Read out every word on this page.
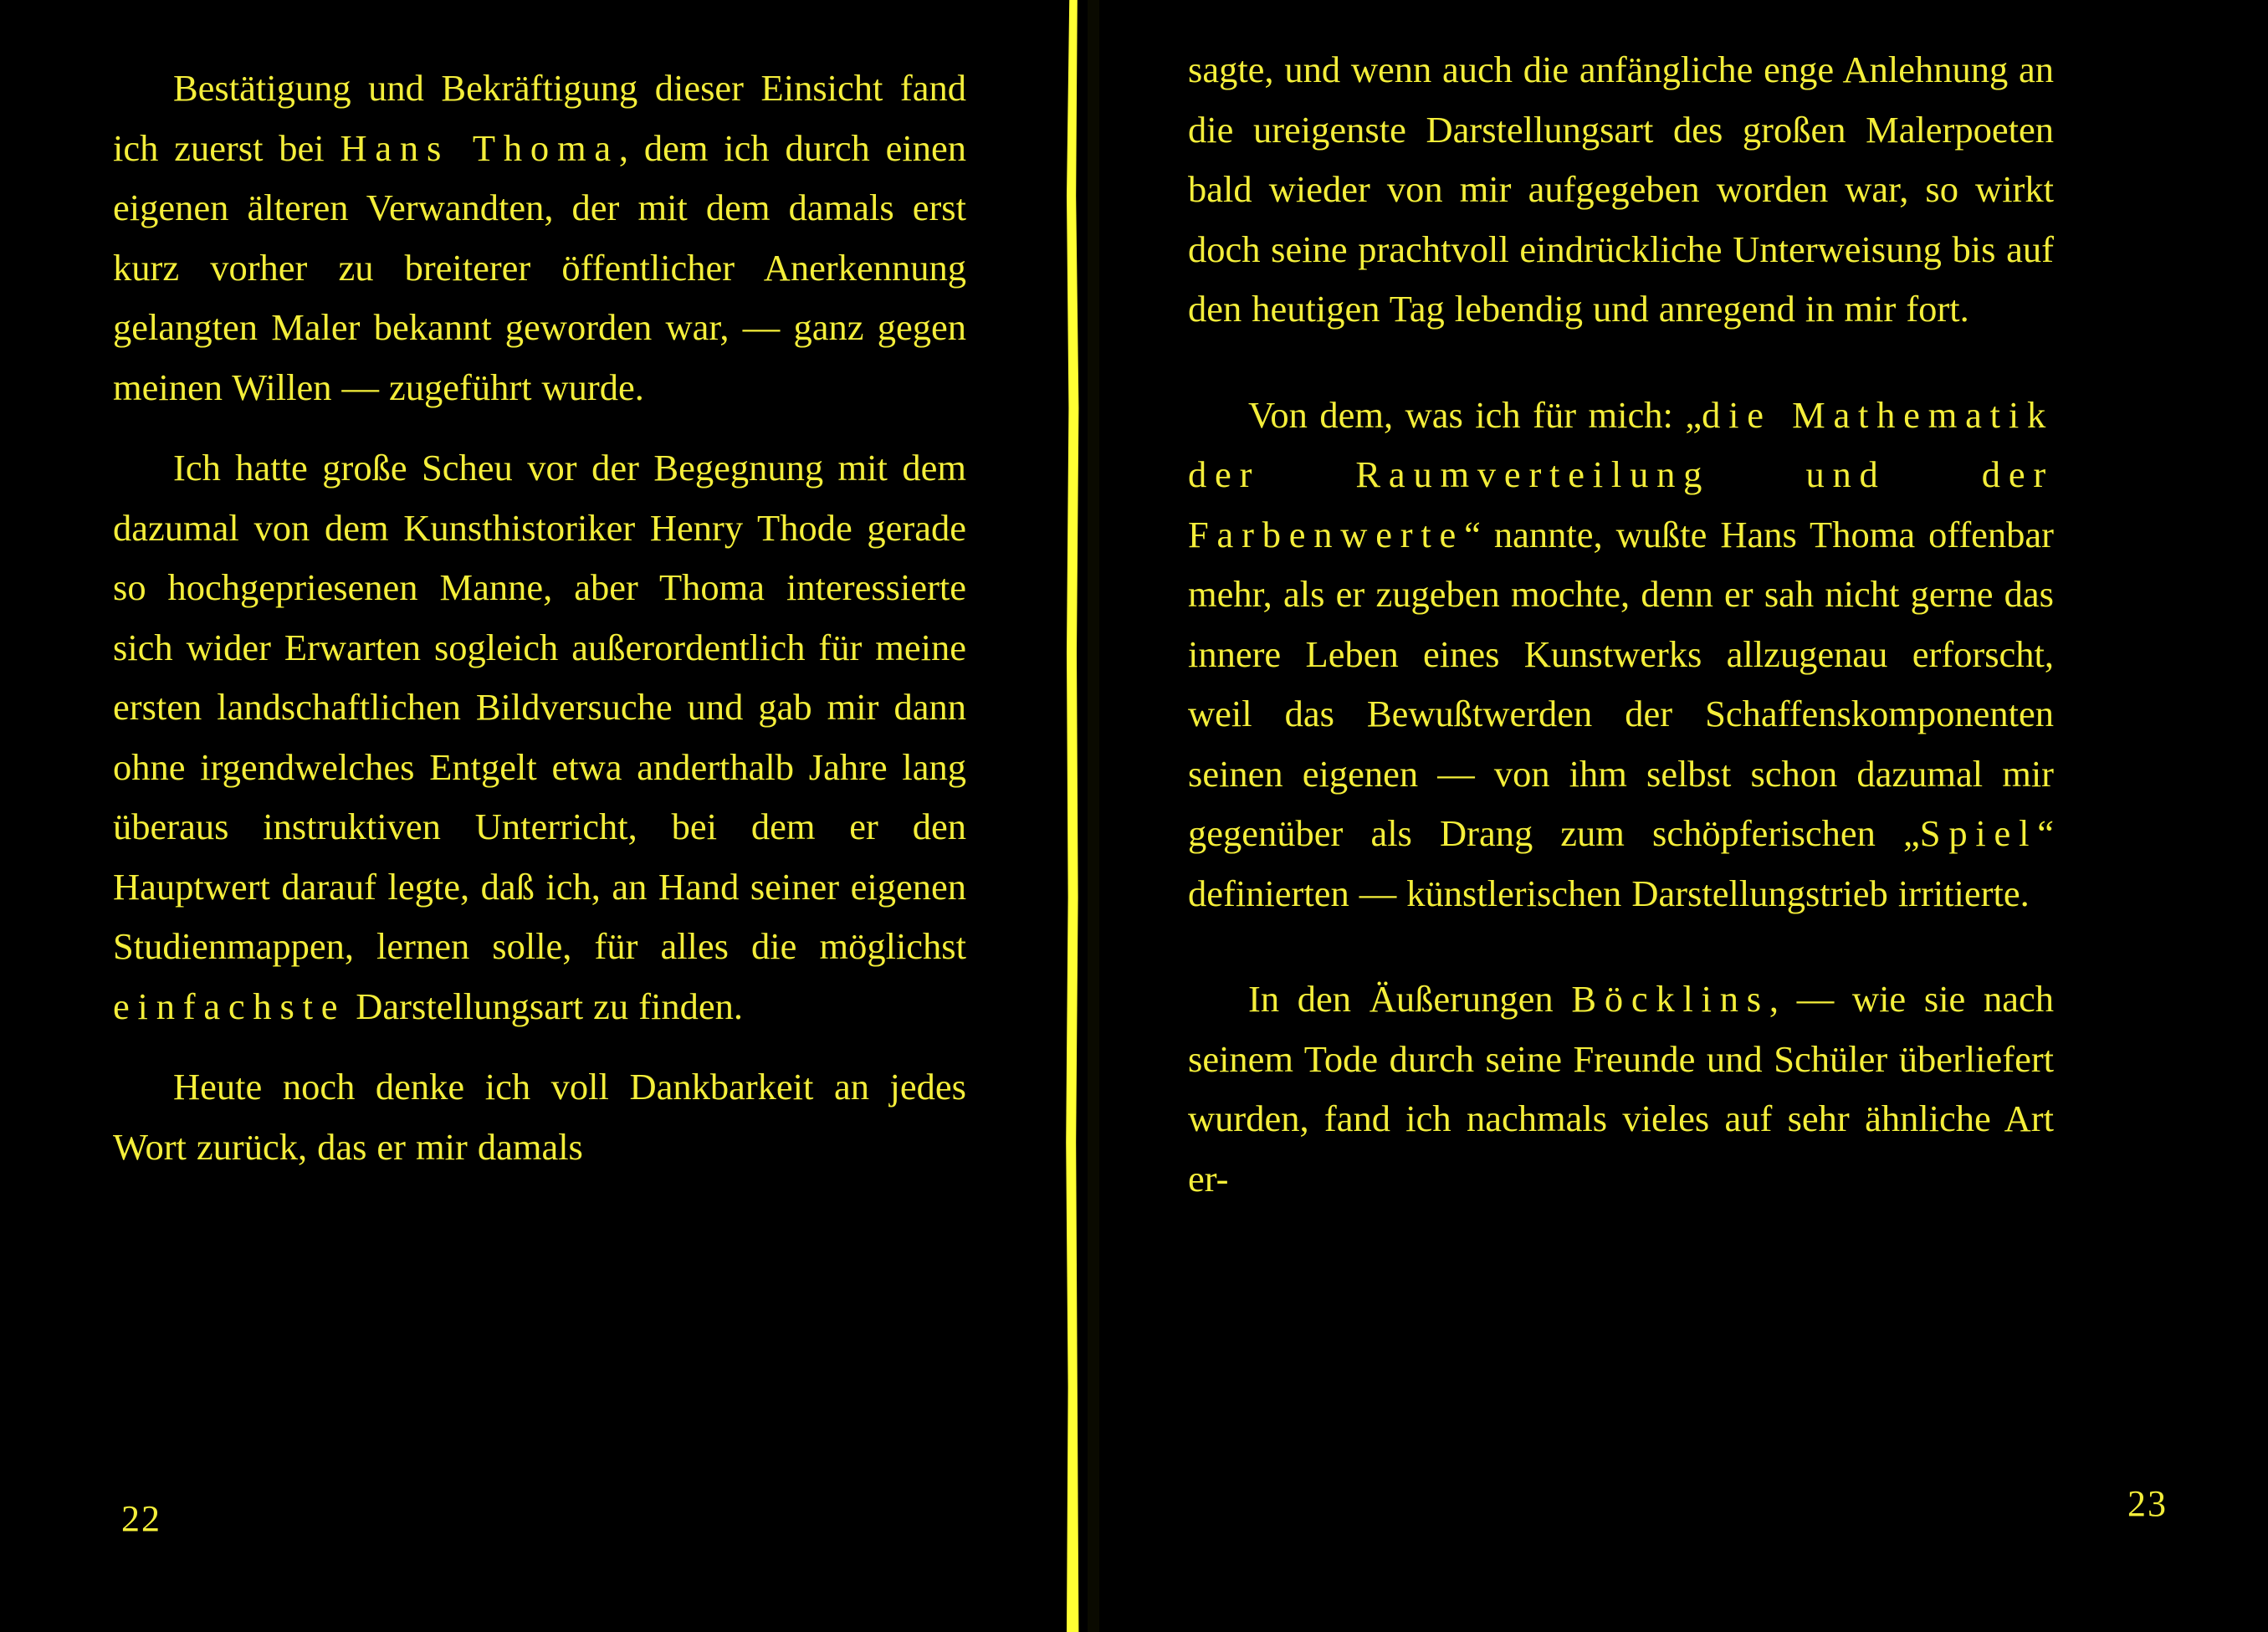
Bestätigung und Bekräftigung dieser Einsicht fand ich zuerst bei Hans Thoma, dem ich durch einen eigenen älteren Verwandten, der mit dem damals erst kurz vorher zu breiterer öffentlicher Anerkennung gelangten Maler bekannt geworden war, — ganz gegen meinen Willen — zugeführt wurde.

Ich hatte große Scheu vor der Begegnung mit dem dazumal von dem Kunsthistoriker Henry Thode gerade so hochgepriesenen Manne, aber Thoma interessierte sich wider Erwarten sogleich außerordentlich für meine ersten landschaftlichen Bildversuche und gab mir dann ohne irgendwelches Entgelt etwa anderthalb Jahre lang überaus instruktiven Unterricht, bei dem er den Hauptwert darauf legte, daß ich, an Hand seiner eigenen Studienmappen, lernen solle, für alles die möglichst einfachste Darstellungsart zu finden.

Heute noch denke ich voll Dankbarkeit an jedes Wort zurück, das er mir damals

22

sagte, und wenn auch die anfängliche enge Anlehnung an die ureigenste Darstellungsart des großen Malerpoeten bald wieder von mir aufgegeben worden war, so wirkt doch seine prachtvoll eindrückliche Unterweisung bis auf den heutigen Tag lebendig und anregend in mir fort.

Von dem, was ich für mich: „die Mathematik der Raumverteilung und der Farbenwerte“ nannte, wußte Hans Thoma offenbar mehr, als er zugeben mochte, denn er sah nicht gerne das innere Leben eines Kunstwerks allzugenau erforscht, weil das Bewußtwerden der Schaffenskomponenten seinen eigenen — von ihm selbst schon dazumal mir gegenüber als Drang zum schöpferischen „Spiel“ definierten — künstlerischen Darstellungstrieb irritierte.

In den Äußerungen Böcklins, — wie sie nach seinem Tode durch seine Freunde und Schüler überliefert wurden, fand ich nachmals vieles auf sehr ähnliche Art er-

23
